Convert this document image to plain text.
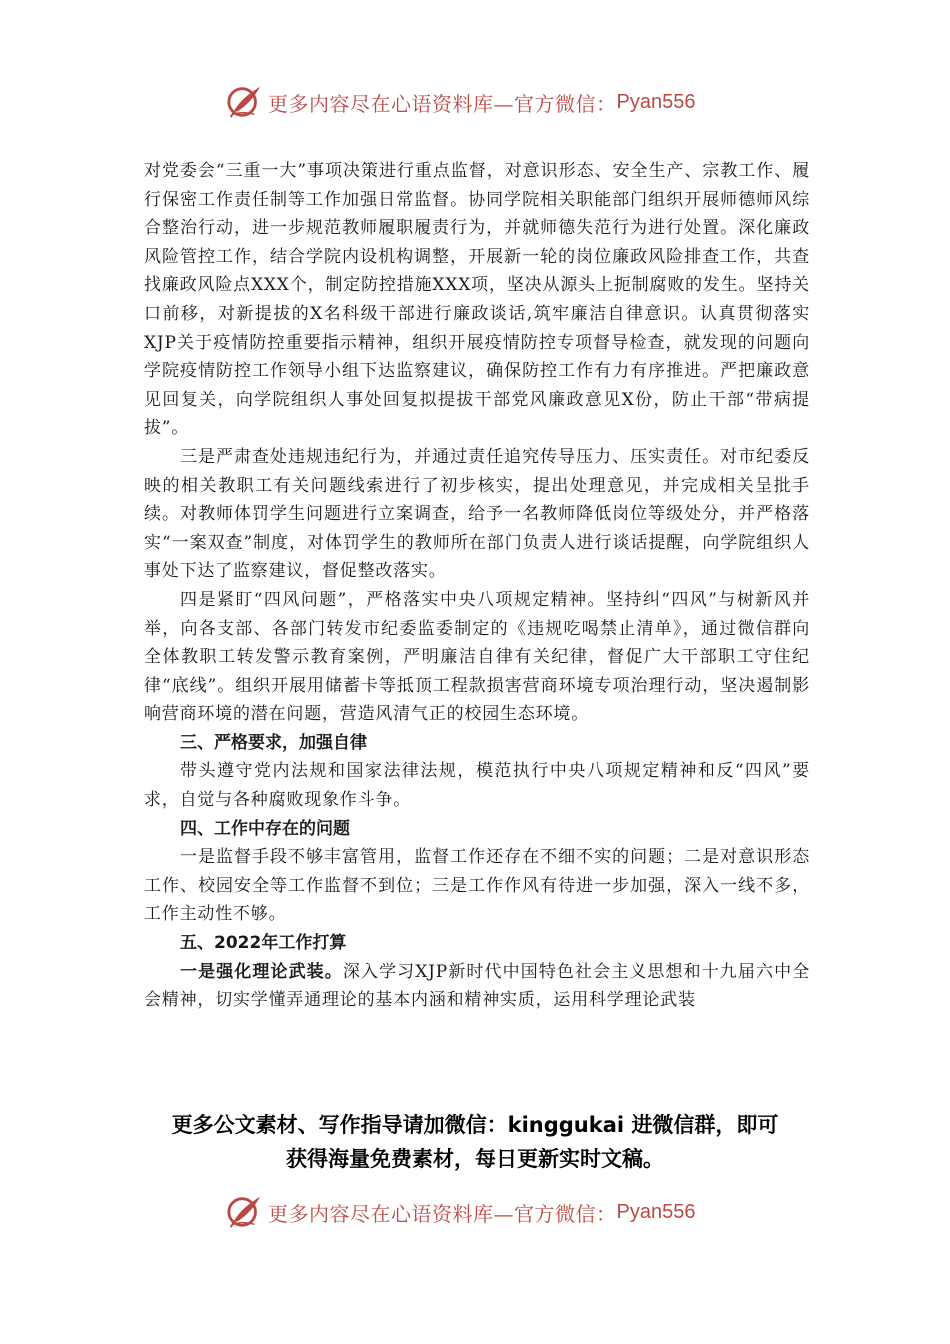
更多内容尽在心语资料库—官方微信： Pyan556

对党委会“三重一大”事项决策进行重点监督，对意识形态、安全生产、宗教工作、履行保密工作责任制等工作加强日常监督。协同学院相关职能部门组织开展师德师风综合整治行动，进一步规范教师履职履责行为，并就师德失范行为进行处置。深化廉政风险管控工作，结合学院内设机构调整，开展新一轮的岗位廉政风险排查工作，共查找廉政风险点XXX个，制定防控措施XXX项，坚决从源头上扼制腐败的发生。坚持关口前移，对新提拔的X名科级干部进行廉政谈话,筑牢廉洁自律意识。认真贯彻落实XJP关于疫情防控重要指示精神，组织开展疫情防控专项督导检查，就发现的问题向学院疫情防控工作领导小组下达监察建议，确保防控工作有力有序推进。严把廉政意见回复关，向学院组织人事处回复拟提拔干部党风廉政意见X份，防止干部“带病提拔”。

三是严肃查处违规违纪行为，并通过责任追究传导压力、压实责任。对市纪委反映的相关教职工有关问题线索进行了初步核实，提出处理意见，并完成相关呈批手续。对教师体罚学生问题进行立案调查，给予一名教师降低岗位等级处分，并严格落实“一案双查”制度，对体罚学生的教师所在部门负责人进行谈话提醒，向学院组织人事处下达了监察建议，督促整改落实。

四是紧盯“四风问题”，严格落实中央八项规定精神。坚持纠“四风”与树新风并举，向各支部、各部门转发市纪委监委制定的《违规吃喝禁止清单》，通过微信群向全体教职工转发警示教育案例，严明廉洁自律有关纪律，督促广大干部职工守住纪律“底线”。组织开展用储蓄卡等抵顶工程款损害营商环境专项治理行动，坚决遏制影响营商环境的潜在问题，营造风清气正的校园生态环境。

三、严格要求，加强自律

带头遵守党内法规和国家法律法规，模范执行中央八项规定精神和反“四风”要求，自觉与各种腐败现象作斗争。

四、工作中存在的问题

一是监督手段不够丰富管用，监督工作还存在不细不实的问题；二是对意识形态工作、校园安全等工作监督不到位；三是工作作风有待进一步加强，深入一线不多，工作主动性不够。

五、2022年工作打算

一是强化理论武装。深入学习XJP新时代中国特色社会主义思想和十九届六中全会精神，切实学懂弄通理论的基本内涵和精神实质，运用科学理论武装

更多公文素材、写作指导请加微信：kinggukai 进微信群，即可
获得海量免费素材，每日更新实时文稿。
更多内容尽在心语资料库—官方微信： Pyan556
